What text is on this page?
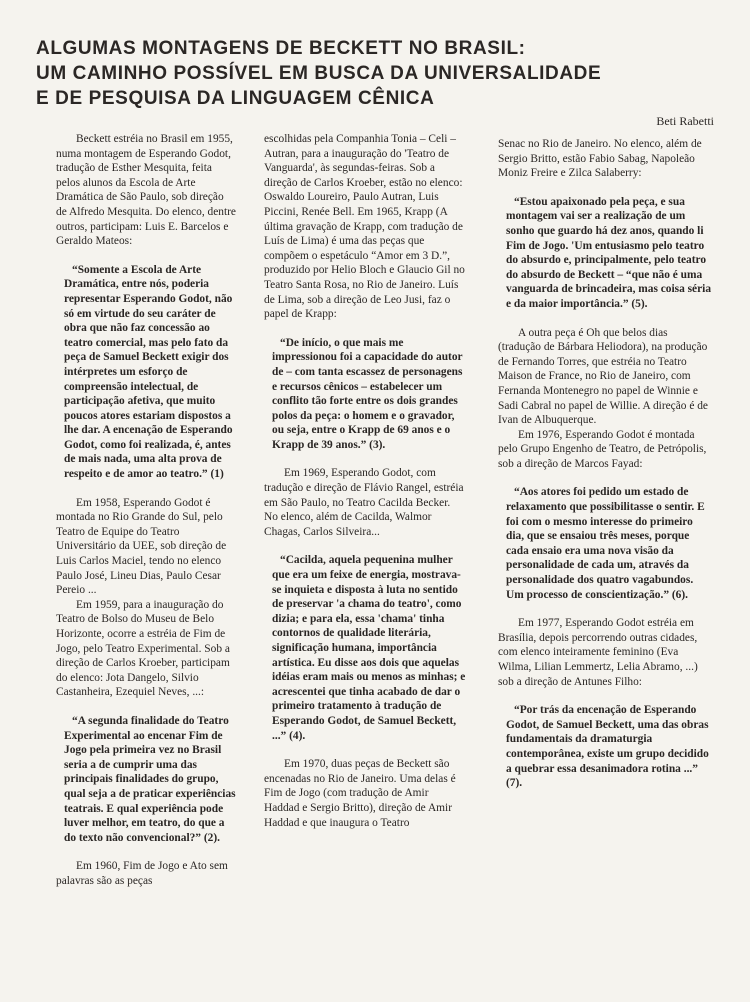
ALGUMAS MONTAGENS DE BECKETT NO BRASIL:
UM CAMINHO POSSÍVEL EM BUSCA DA UNIVERSALIDADE
E DE PESQUISA DA LINGUAGEM CÊNICA
Beti Rabetti

Beckett estréia no Brasil em 1955, numa montagem de Esperando Godot, tradução de Esther Mesquita, feita pelos alunos da Escola de Arte Dramática de São Paulo, sob direção de Alfredo Mesquita. Do elenco, dentre outros, participam: Luis E. Barcelos e Geraldo Mateos:

“Somente a Escola de Arte Dramática, entre nós, poderia representar Esperando Godot, não só em virtude do seu caráter de obra que não faz concessão ao teatro comercial, mas pelo fato da peça de Samuel Beckett exigir dos intérpretes um esforço de compreensão intelectual, de participação afetiva, que muito poucos atores estariam dispostos a lhe dar. A encenação de Esperando Godot, como foi realizada, é, antes de mais nada, uma alta prova de respeito e de amor ao teatro.” (1)

Em 1958, Esperando Godot é montada no Rio Grande do Sul, pelo Teatro de Equipe do Teatro Universitário da UEE, sob direção de Luis Carlos Maciel, tendo no elenco Paulo José, Lineu Dias, Paulo Cesar Pereio ...

Em 1959, para a inauguração do Teatro de Bolso do Museu de Belo Horizonte, ocorre a estréia de Fim de Jogo, pelo Teatro Experimental. Sob a direção de Carlos Kroeber, participam do elenco: Jota Dangelo, Silvio Castanheira, Ezequiel Neves, ...:

“A segunda finalidade do Teatro Experimental ao encenar Fim de Jogo pela primeira vez no Brasil seria a de cumprir uma das principais finalidades do grupo, qual seja a de praticar experiências teatrais. E qual experiência pode luver melhor, em teatro, do que a do texto não convencional?” (2).

Em 1960, Fim de Jogo e Ato sem palavras são as peças

escolhidas pela Companhia Tonia – Celi – Autran, para a inauguração do 'Teatro de Vanguarda', às segundas-feiras. Sob a direção de Carlos Kroeber, estão no elenco: Oswaldo Loureiro, Paulo Autran, Luis Piccini, Renée Bell. Em 1965, Krapp (A última gravação de Krapp, com tradução de Luís de Lima) é uma das peças que compõem o espetáculo “Amor em 3 D.”, produzido por Helio Bloch e Glaucio Gil no Teatro Santa Rosa, no Rio de Janeiro. Luís de Lima, sob a direção de Leo Jusi, faz o papel de Krapp:

“De início, o que mais me impressionou foi a capacidade do autor de – com tanta escassez de personagens e recursos cênicos – estabelecer um conflito tão forte entre os dois grandes polos da peça: o homem e o gravador, ou seja, entre o Krapp de 69 anos e o Krapp de 39 anos.” (3).

Em 1969, Esperando Godot, com tradução e direção de Flávio Rangel, estréia em São Paulo, no Teatro Cacilda Becker. No elenco, além de Cacilda, Walmor Chagas, Carlos Silveira...

“Cacilda, aquela pequenina mulher que era um feixe de energia, mostrava-se inquieta e disposta à luta no sentido de preservar 'a chama do teatro', como dizia; e para ela, essa 'chama' tinha contornos de qualidade literária, significação humana, importância artística. Eu disse aos dois que aquelas idéias eram mais ou menos as minhas; e acrescentei que tinha acabado de dar o primeiro tratamento à tradução de Esperando Godot, de Samuel Beckett, ...” (4).

Em 1970, duas peças de Beckett são encenadas no Rio de Janeiro. Uma delas é Fim de Jogo (com tradução de Amir Haddad e Sergio Britto), direção de Amir Haddad e que inaugura o Teatro

Senac no Rio de Janeiro. No elenco, além de Sergio Britto, estão Fabio Sabag, Napoleão Moniz Freire e Zilca Salaberry:

“Estou apaixonado pela peça, e sua montagem vai ser a realização de um sonho que guardo há dez anos, quando li Fim de Jogo. 'Um entusiasmo pelo teatro do absurdo e, principalmente, pelo teatro do absurdo de Beckett – “que não é uma vanguarda de brincadeira, mas coisa séria e da maior importância.” (5).

A outra peça é Oh que belos dias (tradução de Bárbara Heliodora), na produção de Fernando Torres, que estréia no Teatro Maison de France, no Rio de Janeiro, com Fernanda Montenegro no papel de Winnie e Sadi Cabral no papel de Willie. A direção é de Ivan de Albuquerque.

Em 1976, Esperando Godot é montada pelo Grupo Engenho de Teatro, de Petrópolis, sob a direção de Marcos Fayad:

“Aos atores foi pedido um estado de relaxamento que possibilitasse o sentir. E foi com o mesmo interesse do primeiro dia, que se ensaiou três meses, porque cada ensaio era uma nova visão da personalidade de cada um, através da personalidade dos quatro vagabundos. Um processo de conscientização.” (6).

Em 1977, Esperando Godot estréia em Brasília, depois percorrendo outras cidades, com elenco inteiramente feminino (Eva Wilma, Lilian Lemmertz, Lelia Abramo, ...) sob a direção de Antunes Filho:

“Por trás da encenação de Esperando Godot, de Samuel Beckett, uma das obras fundamentais da dramaturgia contemporânea, existe um grupo decidido a quebrar essa desanimadora rotina ...” (7).
